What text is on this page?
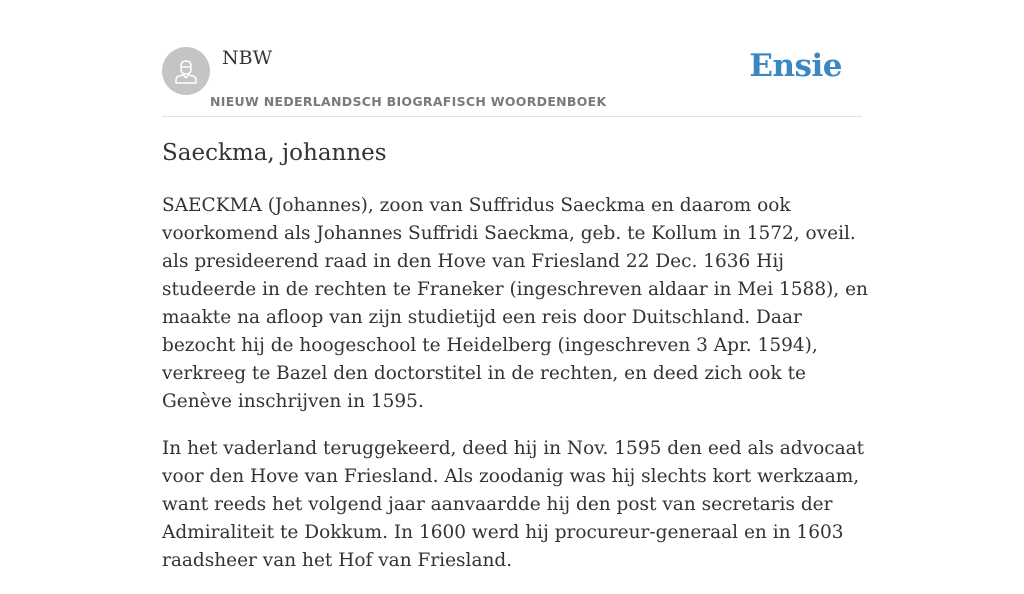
NBW
NIEUW NEDERLANDSCH BIOGRAFISCH WOORDENBOEK
Ensie
Saeckma, johannes

SAECKMA (Johannes), zoon van Suffridus Saeckma en daarom ook voorkomend als Johannes Suffridi Saeckma, geb. te Kollum in 1572, oveil. als presideerend raad in den Hove van Friesland 22 Dec. 1636 Hij studeerde in de rechten te Franeker (ingeschreven aldaar in Mei 1588), en maakte na afloop van zijn studietijd een reis door Duitschland. Daar bezocht hij de hoogeschool te Heidelberg (ingeschreven 3 Apr. 1594), verkreeg te Bazel den doctorstitel in de rechten, en deed zich ook te Genève inschrijven in 1595.

In het vaderland teruggekeerd, deed hij in Nov. 1595 den eed als advocaat voor den Hove van Friesland. Als zoodanig was hij slechts kort werkzaam, want reeds het volgend jaar aanvaardde hij den post van secretaris der Admiraliteit te Dokkum. In 1600 werd hij procureur-generaal en in 1603 raadsheer van het Hof van Friesland.
